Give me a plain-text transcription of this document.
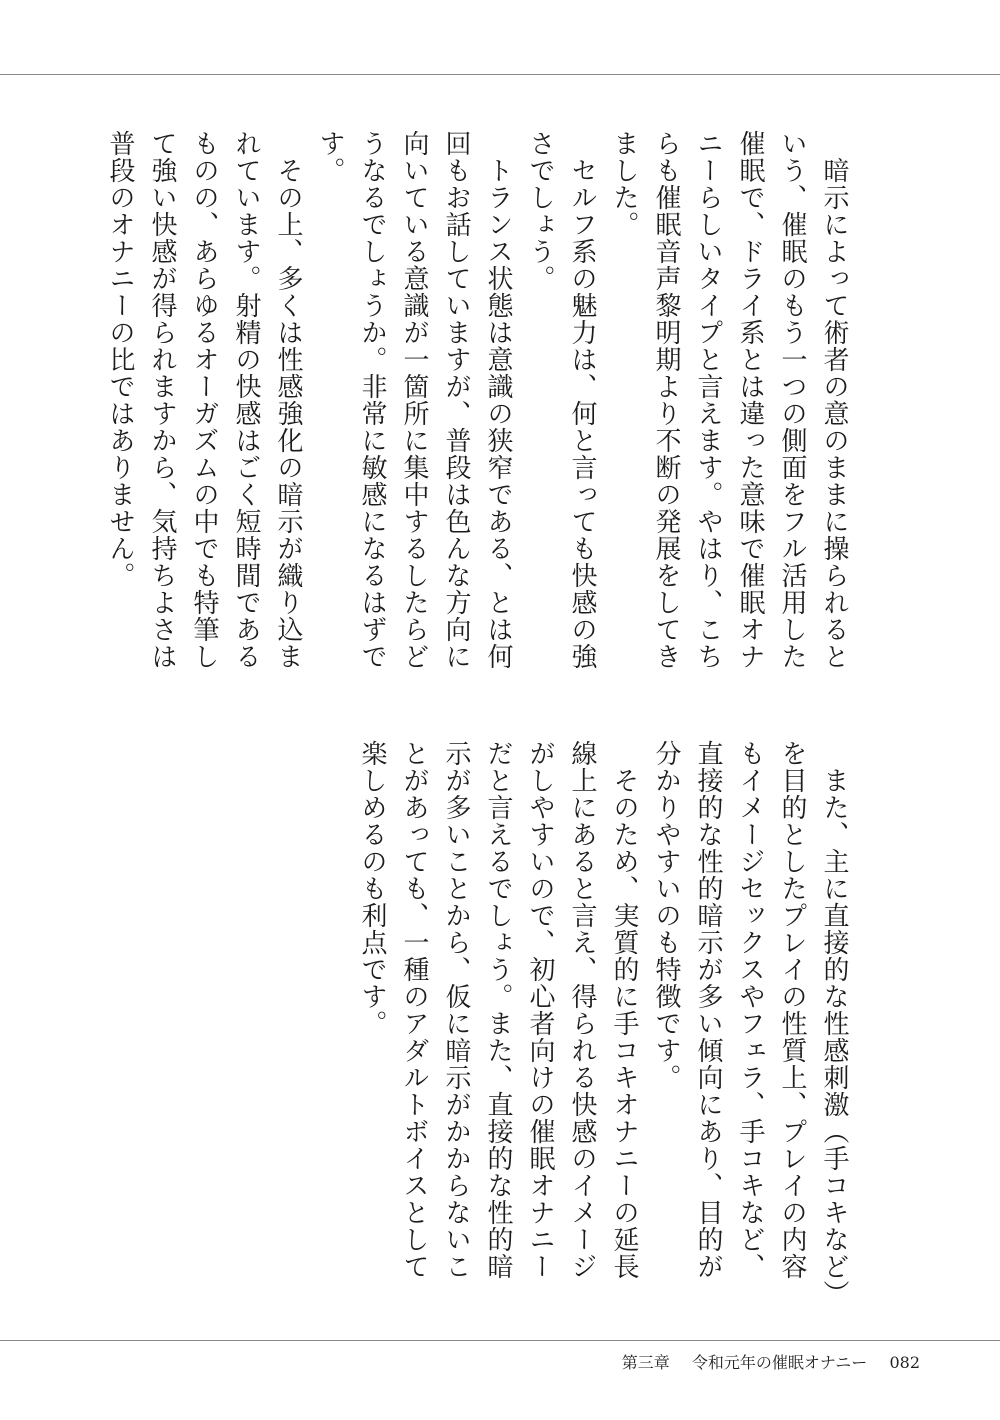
　暗示によって術者の意のままに操られるという、催眠のもう一つの側面をフル活用した催眠で、ドライ系とは違った意味で催眠オナニーらしいタイプと言えます。やはり、こちらも催眠音声黎明期より不断の発展をしてきました。

　セルフ系の魅力は、何と言っても快感の強さでしょう。

　トランス状態は意識の狭窄である、とは何回もお話していますが、普段は色んな方向に向いている意識が一箇所に集中するしたらどうなるでしょうか。非常に敏感になるはずです。

　その上、多くは性感強化の暗示が織り込まれています。射精の快感はごく短時間であるものの、あらゆるオーガズムの中でも特筆して強い快感が得られますから、気持ちよさは普段のオナニーの比ではありません。

　また、主に直接的な性感刺激（手コキなど）を目的としたプレイの性質上、プレイの内容もイメージセックスやフェラ、手コキなど、直接的な性的暗示が多い傾向にあり、目的が分かりやすいのも特徴です。

　そのため、実質的に手コキオナニーの延長線上にあると言え、得られる快感のイメージがしやすいので、初心者向けの催眠オナニーだと言えるでしょう。また、直接的な性的暗示が多いことから、仮に暗示がかからないことがあっても、一種のアダルトボイスとして楽しめるのも利点です。

第三章 令和元年の催眠オナニー 082
